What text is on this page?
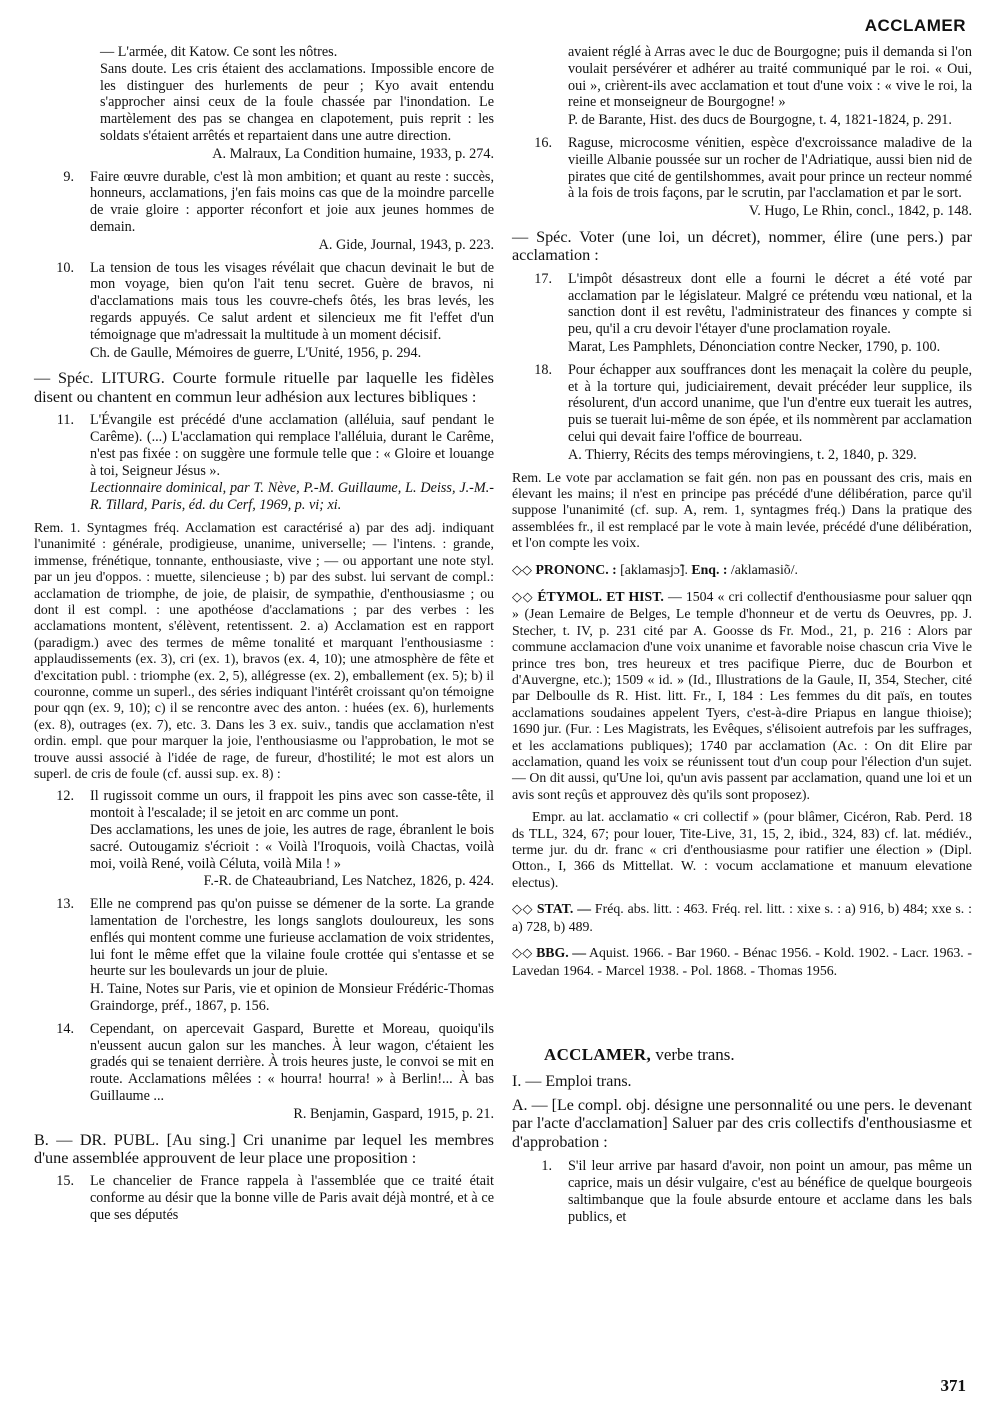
ACCLAMER

— L'armée, dit Katow. Ce sont les nôtres.

Sans doute. Les cris étaient des acclamations. Impossible encore de les distinguer des hurlements de peur ; Kyo avait entendu s'approcher ainsi ceux de la foule chassée par l'inondation. Le martèlement des pas se changea en clapotement, puis reprit : les soldats s'étaient arrêtés et repartaient dans une autre direction.

A. Malraux, La Condition humaine, 1933, p. 274.

9.	Faire œuvre durable, c'est là mon ambition; et quant au reste : succès, honneurs, acclamations, j'en fais moins cas que de la moindre parcelle de vraie gloire : apporter réconfort et joie aux jeunes hommes de demain.

A. Gide, Journal, 1943, p. 223.

10.	La tension de tous les visages révélait que chacun devinait le but de mon voyage, bien qu'on l'ait tenu secret. Guère de bravos, ni d'acclamations mais tous les couvre-chefs ôtés, les bras levés, les regards appuyés. Ce salut ardent et silencieux me fit l'effet d'un témoignage que m'adressait la multitude à un moment décisif.

Ch. de Gaulle, Mémoires de guerre, L'Unité, 1956, p. 294.

— Spéc. LITURG. Courte formule rituelle par laquelle les fidèles disent ou chantent en commun leur adhésion aux lectures bibliques :

11.	L'Évangile est précédé d'une acclamation (alléluia, sauf pendant le Carême). (...) L'acclamation qui remplace l'alléluia, durant le Carême, n'est pas fixée : on suggère une formule telle que : « Gloire et louange à toi, Seigneur Jésus ».

Lectionnaire dominical, par T. Nève, P.-M. Guillaume, L. Deiss, J.-M.-R. Tillard, Paris, éd. du Cerf, 1969, p. vi; xi.

Rem. 1. Syntagmes fréq. Acclamation est caractérisé a) par des adj. indiquant l'unanimité : générale, prodigieuse, unanime, universelle; — l'intens. : grande, immense, frénétique, tonnante, enthousiaste, vive ; — ou apportant une note styl. par un jeu d'oppos. : muette, silencieuse ; b) par des subst. lui servant de compl.: acclamation de triomphe, de joie, de plaisir, de sympathie, d'enthousiasme ; ou dont il est compl. : une apothéose d'acclamations ; par des verbes : les acclamations montent, s'élèvent, retentissent. 2. a) Acclamation est en rapport (paradigm.) avec des termes de même tonalité et marquant l'enthousiasme : applaudissements (ex. 3), cri (ex. 1), bravos (ex. 4, 10); une atmosphère de fête et d'excitation publ. : triomphe (ex. 2, 5), allégresse (ex. 2), emballement (ex. 5); b) il couronne, comme un superl., des séries indiquant l'intérêt croissant qu'on témoigne pour qqn (ex. 9, 10); c) il se rencontre avec des anton. : huées (ex. 6), hurlements (ex. 8), outrages (ex. 7), etc. 3. Dans les 3 ex. suiv., tandis que acclamation n'est ordin. empl. que pour marquer la joie, l'enthousiasme ou l'approbation, le mot se trouve aussi associé à l'idée de rage, de fureur, d'hostilité; le mot est alors un superl. de cris de foule (cf. aussi sup. ex. 8) :

12.	Il rugissoit comme un ours, il frappoit les pins avec son casse-tête, il montoit à l'escalade; il se jetoit en arc comme un pont.

Des acclamations, les unes de joie, les autres de rage, ébranlent le bois sacré. Outougamiz s'écrioit : « Voilà l'Iroquois, voilà Chactas, voilà moi, voilà René, voilà Céluta, voilà Mila ! »

F.-R. de Chateaubriand, Les Natchez, 1826, p. 424.

13.	Elle ne comprend pas qu'on puisse se démener de la sorte. La grande lamentation de l'orchestre, les longs sanglots douloureux, les sons enflés qui montent comme une furieuse acclamation de voix stridentes, lui font le même effet que la vilaine foule crottée qui s'entasse et se heurte sur les boulevards un jour de pluie.

H. Taine, Notes sur Paris, vie et opinion de Monsieur Frédéric-Thomas Graindorge, préf., 1867, p. 156.

14.	Cependant, on apercevait Gaspard, Burette et Moreau, quoiqu'ils n'eussent aucun galon sur les manches. À leur wagon, c'étaient les gradés qui se tenaient derrière. À trois heures juste, le convoi se mit en route. Acclamations mêlées : « hourra! hourra! » à Berlin!... À bas Guillaume ...

R. Benjamin, Gaspard, 1915, p. 21.

B. — DR. PUBL. [Au sing.] Cri unanime par lequel les membres d'une assemblée approuvent de leur place une proposition :

15.	Le chancelier de France rappela à l'assemblée que ce traité était conforme au désir que la bonne ville de Paris avait déjà montré, et à ce que ses députés

avaient réglé à Arras avec le duc de Bourgogne; puis il demanda si l'on voulait persévérer et adhérer au traité communiqué par le roi. « Oui, oui », crièrent-ils avec acclamation et tout d'une voix : « vive le roi, la reine et monseigneur de Bourgogne! »

P. de Barante, Hist. des ducs de Bourgogne, t. 4, 1821-1824, p. 291.

16.	Raguse, microcosme vénitien, espèce d'excroissance maladive de la vieille Albanie poussée sur un rocher de l'Adriatique, aussi bien nid de pirates que cité de gentilshommes, avait pour prince un recteur nommé à la fois de trois façons, par le scrutin, par l'acclamation et par le sort.

V. Hugo, Le Rhin, concl., 1842, p. 148.

— Spéc. Voter (une loi, un décret), nommer, élire (une pers.) par acclamation :

17.	L'impôt désastreux dont elle a fourni le décret a été voté par acclamation par le législateur. Malgré ce prétendu vœu national, et la sanction dont il est revêtu, l'administrateur des finances y compte si peu, qu'il a cru devoir l'étayer d'une proclamation royale.

Marat, Les Pamphlets, Dénonciation contre Necker, 1790, p. 100.

18.	Pour échapper aux souffrances dont les menaçait la colère du peuple, et à la torture qui, judiciairement, devait précéder leur supplice, ils résolurent, d'un accord unanime, que l'un d'entre eux tuerait les autres, puis se tuerait lui-même de son épée, et ils nommèrent par acclamation celui qui devait faire l'office de bourreau.

A. Thierry, Récits des temps mérovingiens, t. 2, 1840, p. 329.

Rem. Le vote par acclamation se fait gén. non pas en poussant des cris, mais en élevant les mains; il n'est en principe pas précédé d'une délibération, parce qu'il suppose l'unanimité (cf. sup. A, rem. 1, syntagmes fréq.) Dans la pratique des assemblées fr., il est remplacé par le vote à main levée, précédé d'une délibération, et l'on compte les voix.

◇◇ PRONONC. : [aklamasjɔ̃]. Enq. : /aklamasiõ/.

◇◇ ÉTYMOL. ET HIST. — 1504 « cri collectif d'enthousiasme pour saluer qqn » (Jean Lemaire de Belges, Le temple d'honneur et de vertu ds Oeuvres, pp. J. Stecher, t. IV, p. 231 cité par A. Goosse ds Fr. Mod., 21, p. 216 : Alors par commune acclamacion d'une voix unanime et favorable noise chascun cria Vive le prince tres bon, tres heureux et tres pacifique Pierre, duc de Bourbon et d'Auvergne, etc.); 1509 « id. » (Id., Illustrations de la Gaule, II, 354, Stecher, cité par Delboulle ds R. Hist. litt. Fr., I, 184 : Les femmes du dit païs, en toutes acclamations soudaines appelent Tyers, c'est-à-dire Priapus en langue thioise); 1690 jur. (Fur. : Les Magistrats, les Evêques, s'élisoient autrefois par les suffrages, et les acclamations publiques); 1740 par acclamation (Ac. : On dit Elire par acclamation, quand les voix se réunissent tout d'un coup pour l'élection d'un sujet. — On dit aussi, qu'Une loi, qu'un avis passent par acclamation, quand une loi et un avis sont reçûs et approuvez dès qu'ils sont proposez).

Empr. au lat. acclamatio « cri collectif » (pour blâmer, Cicéron, Rab. Perd. 18 ds TLL, 324, 67; pour louer, Tite-Live, 31, 15, 2, ibid., 324, 83) cf. lat. médiév., terme jur. du dr. franc « cri d'enthousiasme pour ratifier une élection » (Dipl. Otton., I, 366 ds Mittellat. W. : vocum acclamatione et manuum elevatione electus).

◇◇ STAT. — Fréq. abs. litt. : 463. Fréq. rel. litt. : xixe s. : a) 916, b) 484; xxe s. : a) 728, b) 489.

◇◇ BBG. — Aquist. 1966. - Bar 1960. - Bénac 1956. - Kold. 1902. - Lacr. 1963. - Lavedan 1964. - Marcel 1938. - Pol. 1868. - Thomas 1956.

ACCLAMER, verbe trans.

I. — Emploi trans.

A. — [Le compl. obj. désigne une personnalité ou une pers. le devenant par l'acte d'acclamation] Saluer par des cris collectifs d'enthousiasme et d'approbation :

1.	S'il leur arrive par hasard d'avoir, non point un amour, pas même un caprice, mais un désir vulgaire, c'est au bénéfice de quelque bourgeois saltimbanque que la foule absurde entoure et acclame dans les bals publics, et

371
